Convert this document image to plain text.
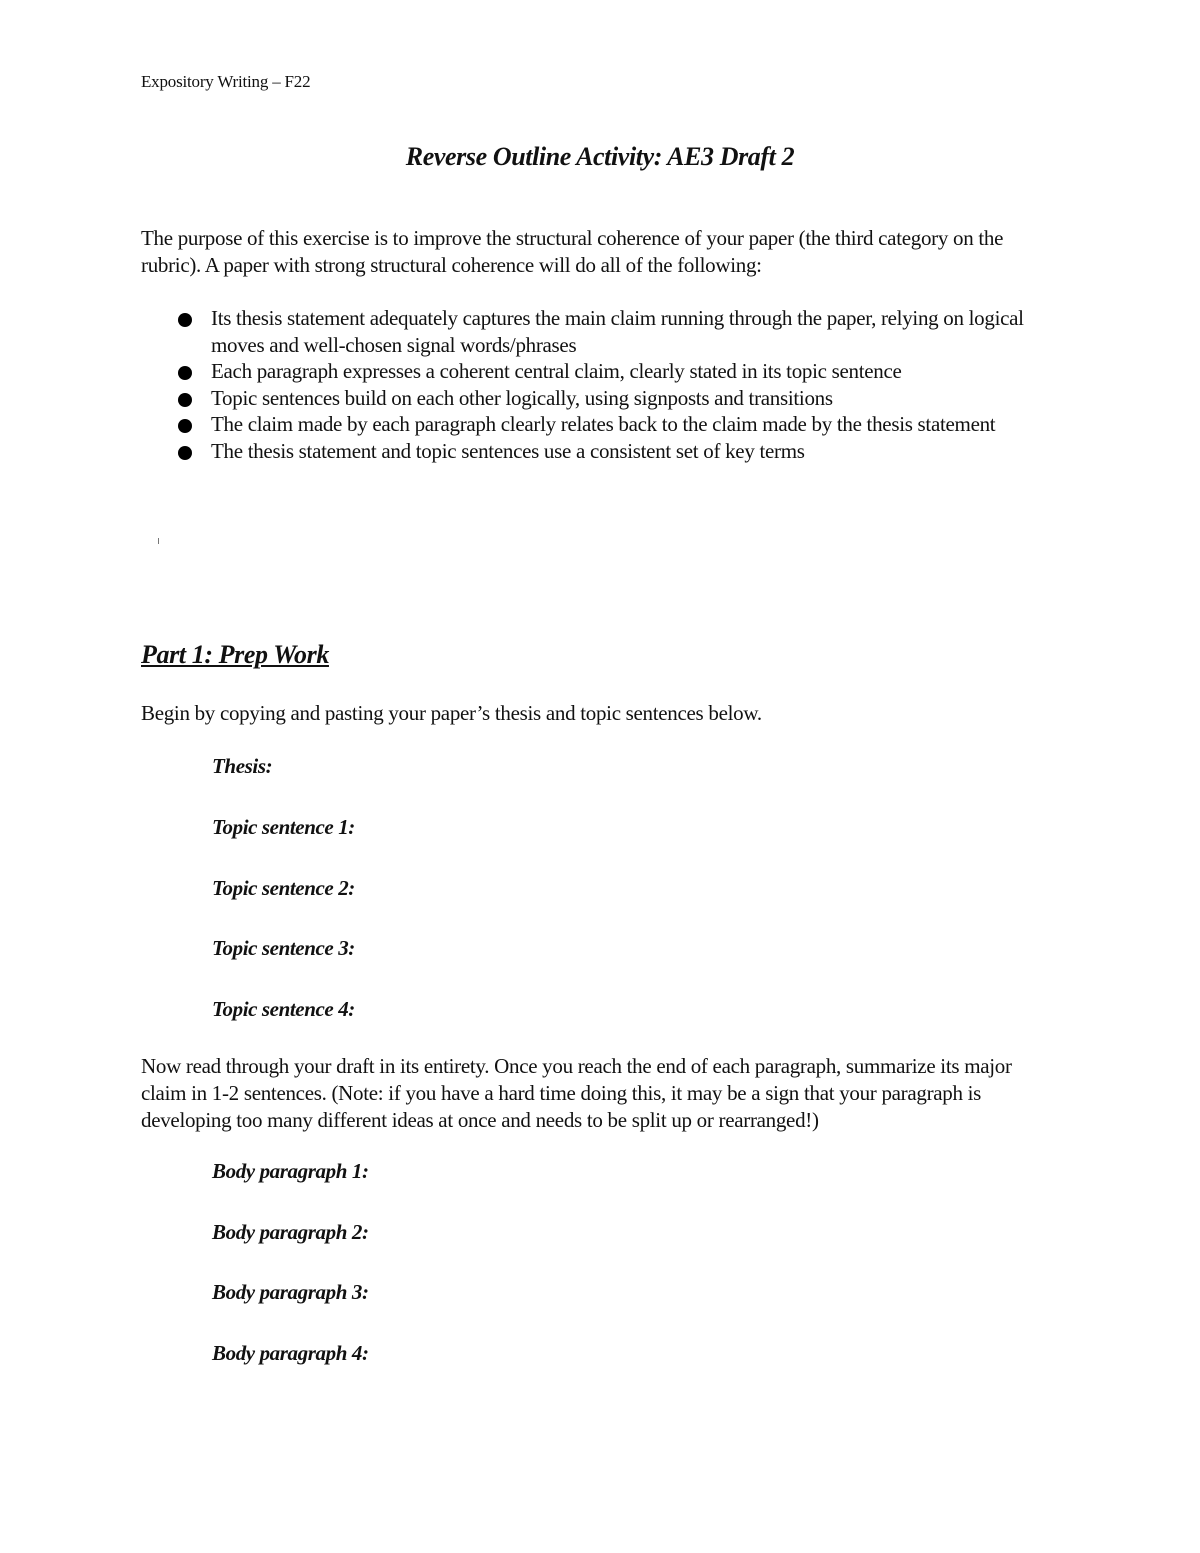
Expository Writing – F22
Reverse Outline Activity: AE3 Draft 2
The purpose of this exercise is to improve the structural coherence of your paper (the third category on the rubric). A paper with strong structural coherence will do all of the following:
Its thesis statement adequately captures the main claim running through the paper, relying on logical moves and well-chosen signal words/phrases
Each paragraph expresses a coherent central claim, clearly stated in its topic sentence
Topic sentences build on each other logically, using signposts and transitions
The claim made by each paragraph clearly relates back to the claim made by the thesis statement
The thesis statement and topic sentences use a consistent set of key terms
Part 1: Prep Work
Begin by copying and pasting your paper’s thesis and topic sentences below.
Thesis:
Topic sentence 1:
Topic sentence 2:
Topic sentence 3:
Topic sentence 4:
Now read through your draft in its entirety. Once you reach the end of each paragraph, summarize its major claim in 1-2 sentences. (Note: if you have a hard time doing this, it may be a sign that your paragraph is developing too many different ideas at once and needs to be split up or rearranged!)
Body paragraph 1:
Body paragraph 2:
Body paragraph 3:
Body paragraph 4:
